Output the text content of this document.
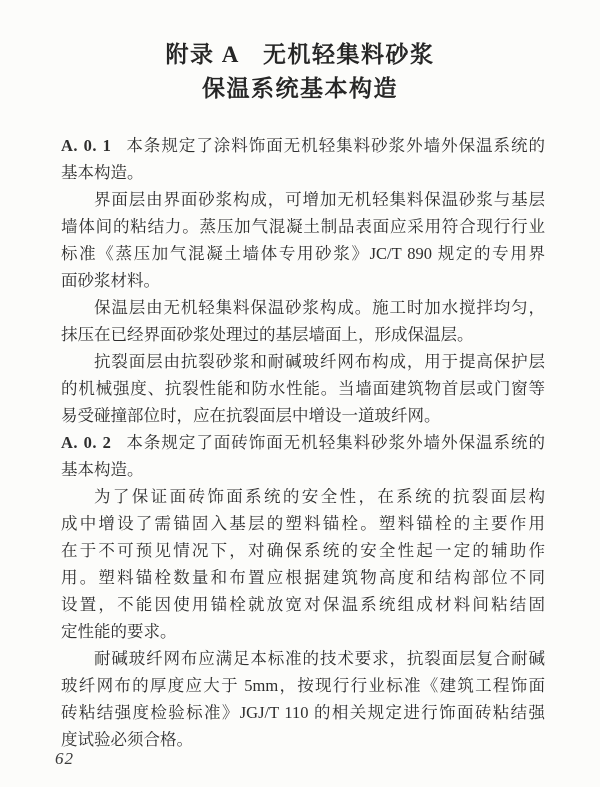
附录 A　无机轻集料砂浆
保温系统基本构造
A. 0. 1 本条规定了涂料饰面无机轻集料砂浆外墙外保温系统的
基本构造。
界面层由界面砂浆构成，可增加无机轻集料保温砂浆与基层
墙体间的粘结力。蒸压加气混凝土制品表面应采用符合现行行业
标准《蒸压加气混凝土墙体专用砂浆》JC/T 890 规定的专用界
面砂浆材料。
保温层由无机轻集料保温砂浆构成。施工时加水搅拌均匀，
抹压在已经界面砂浆处理过的基层墙面上，形成保温层。
抗裂面层由抗裂砂浆和耐碱玻纤网布构成，用于提高保护层
的机械强度、抗裂性能和防水性能。当墙面建筑物首层或门窗等
易受碰撞部位时，应在抗裂面层中增设一道玻纤网。
A. 0. 2 本条规定了面砖饰面无机轻集料砂浆外墙外保温系统的
基本构造。
为了保证面砖饰面系统的安全性，在系统的抗裂面层构
成中增设了需锚固入基层的塑料锚栓。塑料锚栓的主要作用
在于不可预见情况下，对确保系统的安全性起一定的辅助作
用。塑料锚栓数量和布置应根据建筑物高度和结构部位不同
设置，不能因使用锚栓就放宽对保温系统组成材料间粘结固
定性能的要求。
耐碱玻纤网布应满足本标准的技术要求，抗裂面层复合耐碱
玻纤网布的厚度应大于 5mm，按现行行业标准《建筑工程饰面
砖粘结强度检验标准》JGJ/T 110 的相关规定进行饰面砖粘结强
度试验必须合格。
62
